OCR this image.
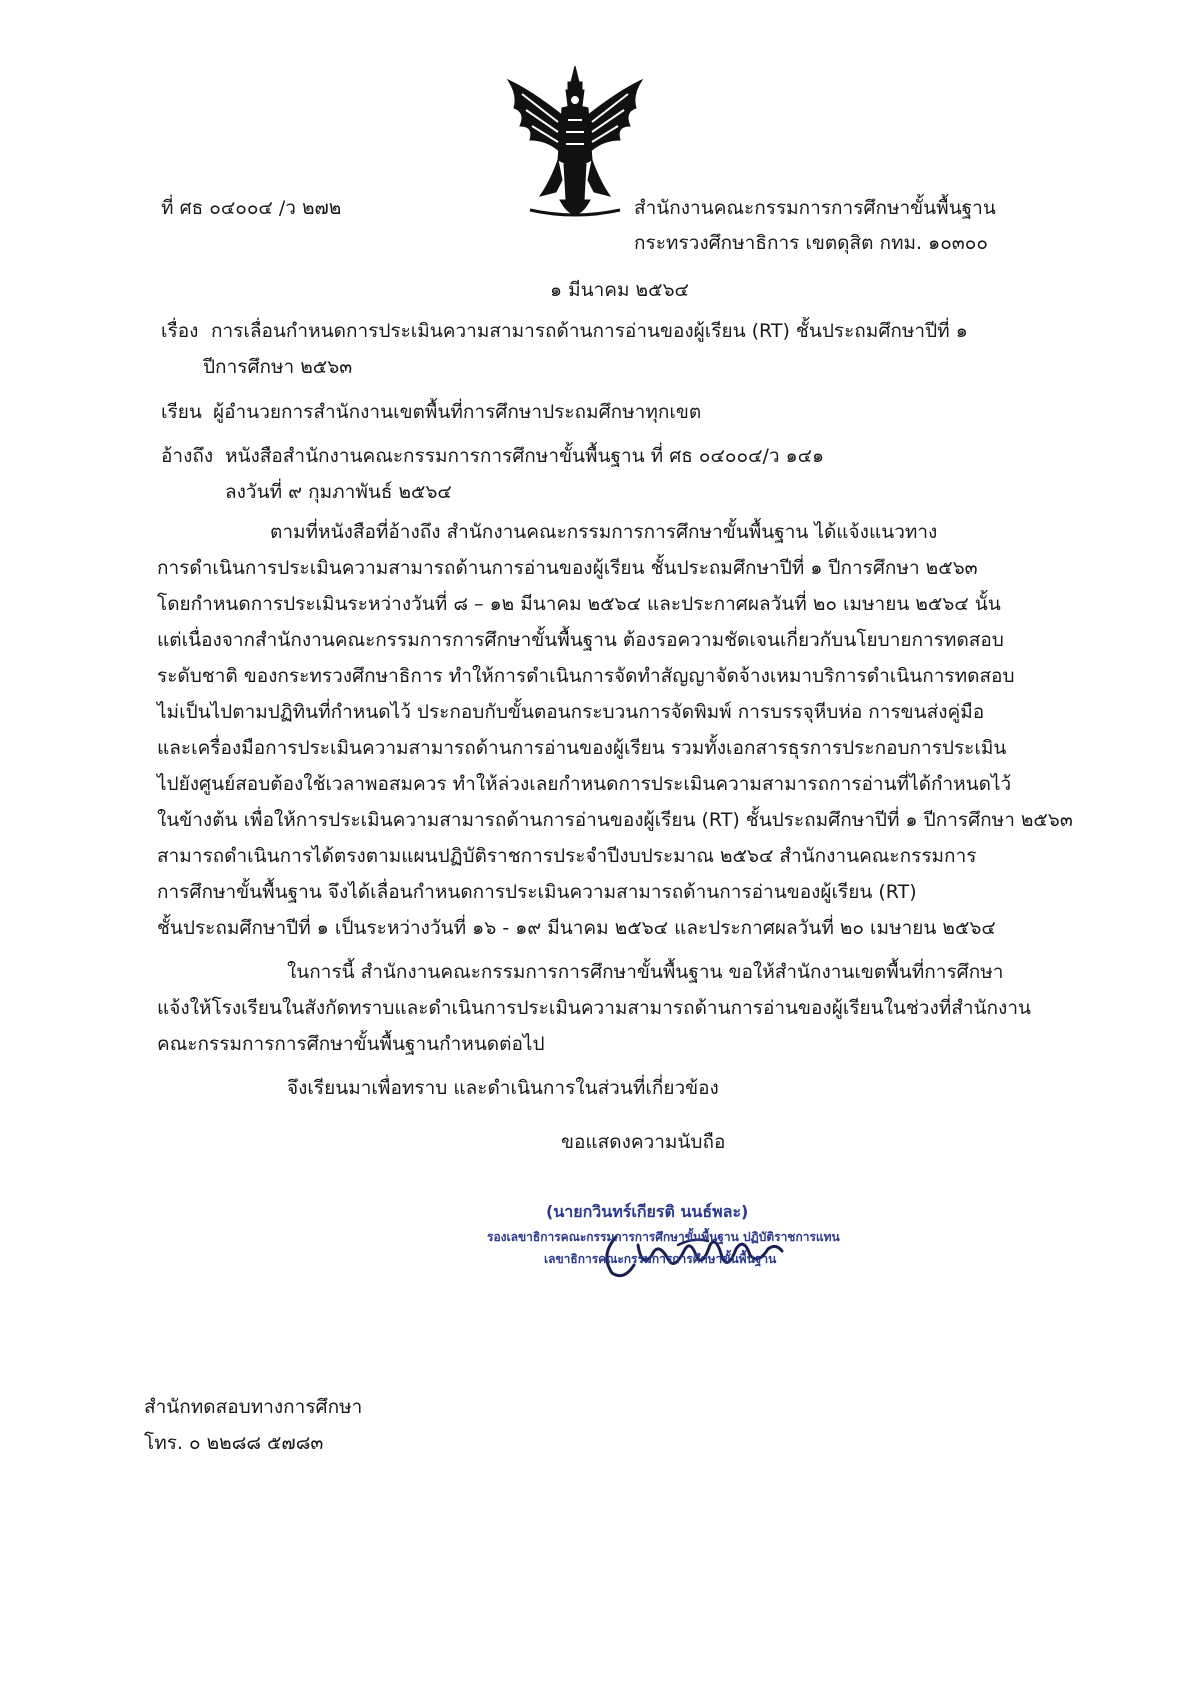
ที่ ศธ ๐๔๐๐๔ /ว ๒๗๒	สำนักงานคณะกรรมการการศึกษาขั้นพื้นฐาน
กระทรวงศึกษาธิการ เขตดุสิต กทม. ๑๐๓๐๐
๑ มีนาคม ๒๕๖๔
เรื่อง การเลื่อนกำหนดการประเมินความสามารถด้านการอ่านของผู้เรียน (RT) ชั้นประถมศึกษาปีที่ ๑
ปีการศึกษา ๒๕๖๓
เรียน ผู้อำนวยการสำนักงานเขตพื้นที่การศึกษาประถมศึกษาทุกเขต
อ้างถึง หนังสือสำนักงานคณะกรรมการการศึกษาขั้นพื้นฐาน ที่ ศธ ๐๔๐๐๔/ว ๑๔๑
ลงวันที่ ๙ กุมภาพันธ์ ๒๕๖๔
ตามที่หนังสือที่อ้างถึง สำนักงานคณะกรรมการการศึกษาขั้นพื้นฐาน ได้แจ้งแนวทาง
การดำเนินการประเมินความสามารถด้านการอ่านของผู้เรียน ชั้นประถมศึกษาปีที่ ๑ ปีการศึกษา ๒๕๖๓
โดยกำหนดการประเมินระหว่างวันที่ ๘ – ๑๒ มีนาคม ๒๕๖๔ และประกาศผลวันที่ ๒๐ เมษายน ๒๕๖๔ นั้น
แต่เนื่องจากสำนักงานคณะกรรมการการศึกษาขั้นพื้นฐาน ต้องรอความชัดเจนเกี่ยวกับนโยบายการทดสอบ
ระดับชาติ ของกระทรวงศึกษาธิการ ทำให้การดำเนินการจัดทำสัญญาจัดจ้างเหมาบริการดำเนินการทดสอบ
ไม่เป็นไปตามปฏิทินที่กำหนดไว้ ประกอบกับขั้นตอนกระบวนการจัดพิมพ์ การบรรจุหีบห่อ การขนส่งคู่มือ
และเครื่องมือการประเมินความสามารถด้านการอ่านของผู้เรียน รวมทั้งเอกสารธุรการประกอบการประเมิน
ไปยังศูนย์สอบต้องใช้เวลาพอสมควร ทำให้ล่วงเลยกำหนดการประเมินความสามารถการอ่านที่ได้กำหนดไว้
ในข้างต้น เพื่อให้การประเมินความสามารถด้านการอ่านของผู้เรียน (RT) ชั้นประถมศึกษาปีที่ ๑ ปีการศึกษา ๒๕๖๓
สามารถดำเนินการได้ตรงตามแผนปฏิบัติราชการประจำปีงบประมาณ ๒๕๖๔ สำนักงานคณะกรรมการ
การศึกษาขั้นพื้นฐาน จึงได้เลื่อนกำหนดการประเมินความสามารถด้านการอ่านของผู้เรียน (RT)
ชั้นประถมศึกษาปีที่ ๑ เป็นระหว่างวันที่ ๑๖ - ๑๙ มีนาคม ๒๕๖๔ และประกาศผลวันที่ ๒๐ เมษายน ๒๕๖๔
ในการนี้ สำนักงานคณะกรรมการการศึกษาขั้นพื้นฐาน ขอให้สำนักงานเขตพื้นที่การศึกษา
แจ้งให้โรงเรียนในสังกัดทราบและดำเนินการประเมินความสามารถด้านการอ่านของผู้เรียนในช่วงที่สำนักงาน
คณะกรรมการการศึกษาขั้นพื้นฐานกำหนดต่อไป
จึงเรียนมาเพื่อทราบ และดำเนินการในส่วนที่เกี่ยวข้อง
ขอแสดงความนับถือ
(นายกวินทร์เกียรติ นนธ์พละ)
รองเลขาธิการคณะกรรมการการศึกษาขั้นพื้นฐาน ปฏิบัติราชการแทน
เลขาธิการคณะกรรมการการศึกษาขั้นพื้นฐาน
สำนักทดสอบทางการศึกษา
โทร. ๐ ๒๒๘๘ ๕๗๘๓
